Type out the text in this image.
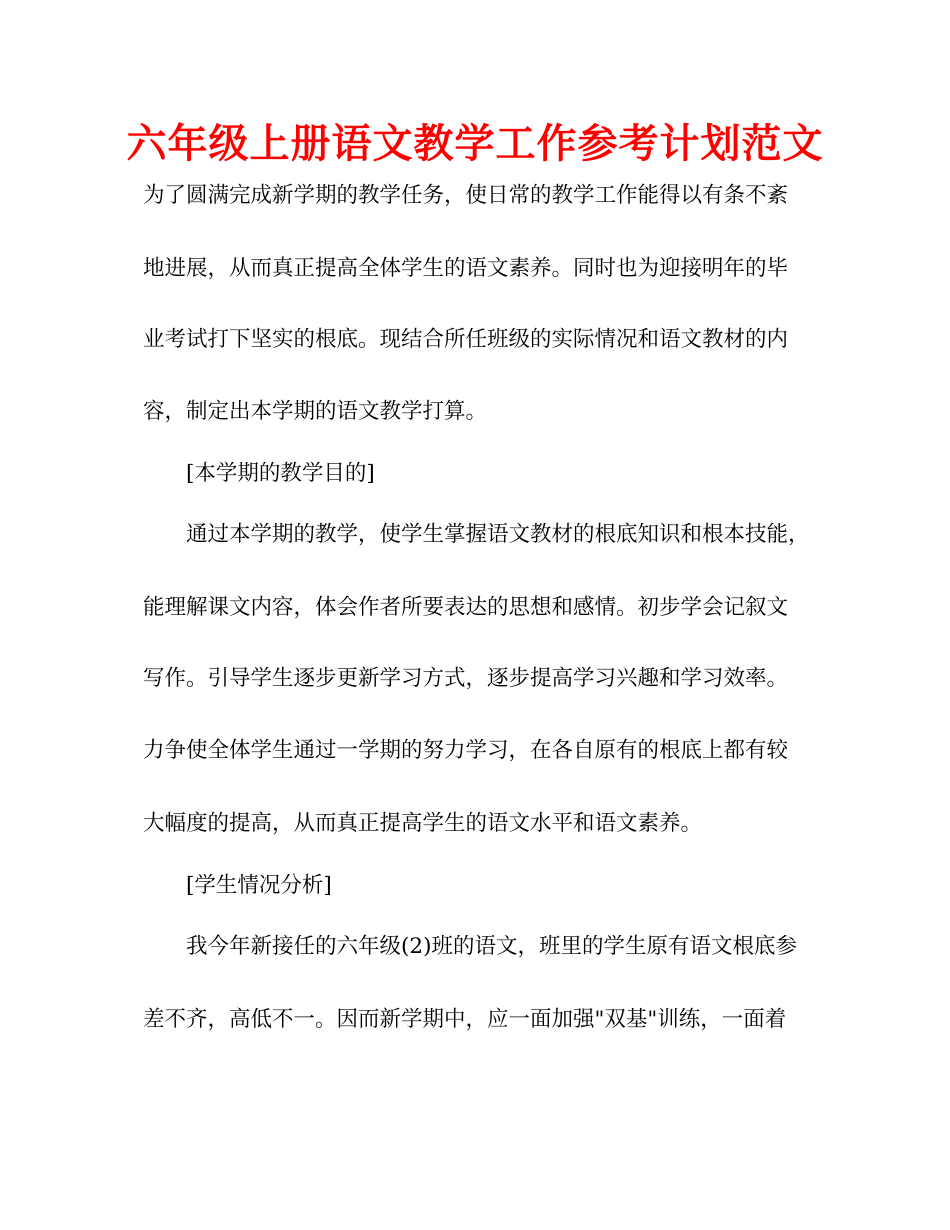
六年级上册语文教学工作参考计划范文
为了圆满完成新学期的教学任务，使日常的教学工作能得以有条不紊
地进展，从而真正提高全体学生的语文素养。同时也为迎接明年的毕
业考试打下坚实的根底。现结合所任班级的实际情况和语文教材的内
容，制定出本学期的语文教学打算。
[本学期的教学目的]
通过本学期的教学，使学生掌握语文教材的根底知识和根本技能，
能理解课文内容，体会作者所要表达的思想和感情。初步学会记叙文
写作。引导学生逐步更新学习方式，逐步提高学习兴趣和学习效率。
力争使全体学生通过一学期的努力学习，在各自原有的根底上都有较
大幅度的提高，从而真正提高学生的语文水平和语文素养。
[学生情况分析]
我今年新接任的六年级(2)班的语文，班里的学生原有语文根底参
差不齐，高低不一。因而新学期中，应一面加强"双基"训练，一面着
